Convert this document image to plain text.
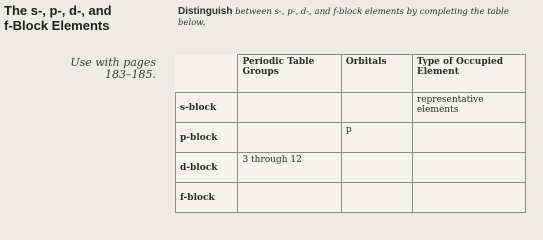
The s-, p-, d-, and
f-Block Elements
Distinguish between s-, p-, d-, and f-block elements by completing the table below.
Use with pages
183–185.
	Periodic Table Groups	Orbitals	Type of Occupied Element
s-block			representative elements
p-block		p	
d-block	3 through 12		
f-block			
